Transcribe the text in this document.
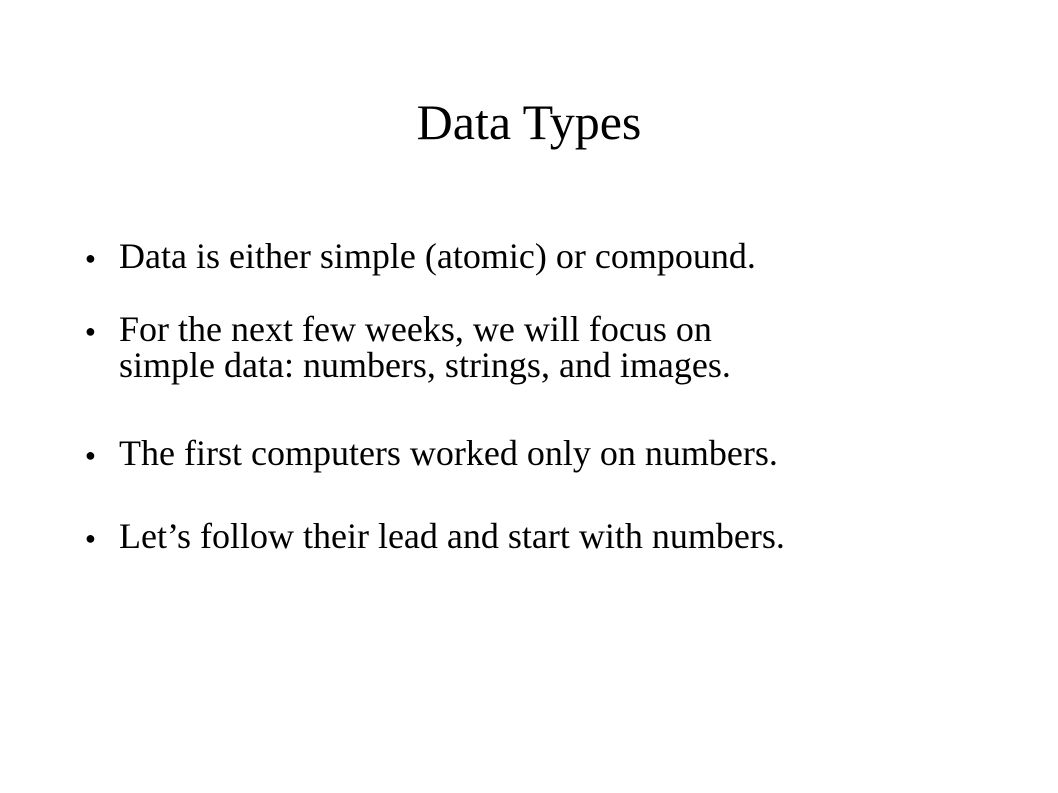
Data Types
● Data is either simple (atomic) or compound.
● For the next few weeks, we will focus on
simple data: numbers, strings, and images.
● The first computers worked only on numbers.
● Let’s follow their lead and start with numbers.
